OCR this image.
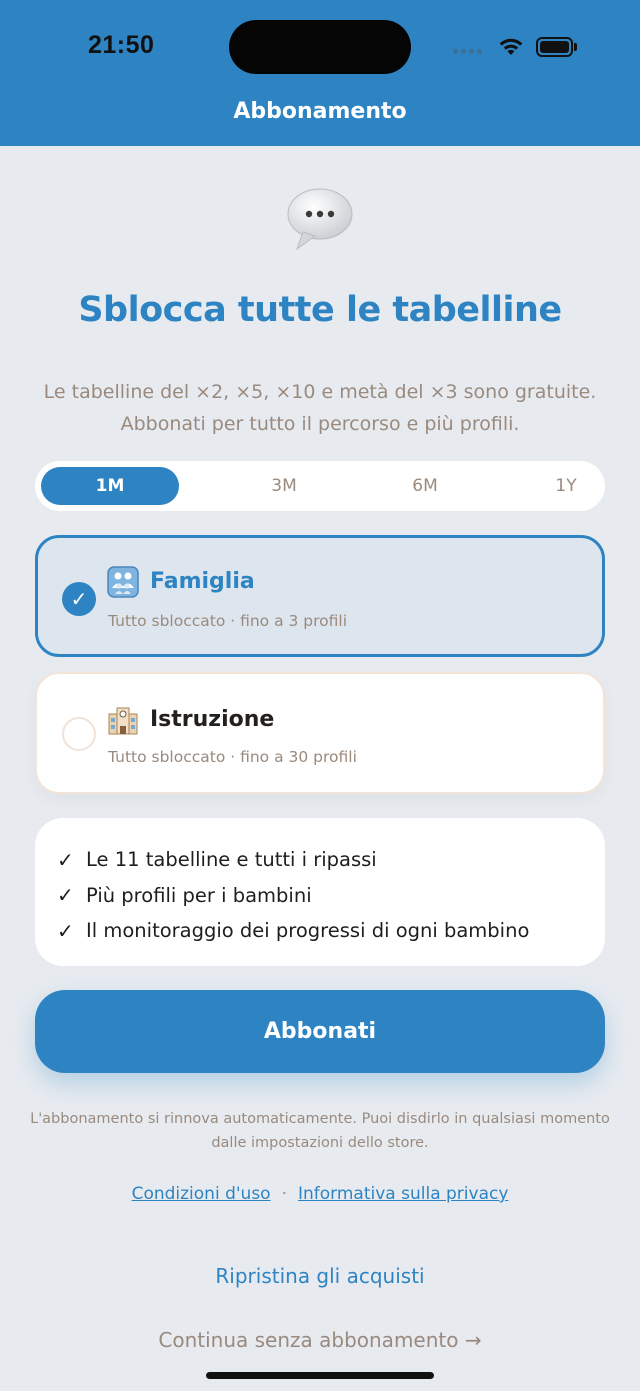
21:50
Abbonamento
Sblocca tutte le tabelline
Le tabelline del ×2, ×5, ×10 e metà del ×3 sono gratuite.
Abbonati per tutto il percorso e più profili.
1M	3M	6M	1Y
✓
Famiglia
Tutto sbloccato · fino a 3 profili
Istruzione
Tutto sbloccato · fino a 30 profili
✓ Le 11 tabelline e tutti i ripassi
✓ Più profili per i bambini
✓ Il monitoraggio dei progressi di ogni bambino
Abbonati
L'abbonamento si rinnova automaticamente. Puoi disdirlo in qualsiasi momento
dalle impostazioni dello store.
Condizioni d'uso · Informativa sulla privacy
Ripristina gli acquisti
Continua senza abbonamento →
